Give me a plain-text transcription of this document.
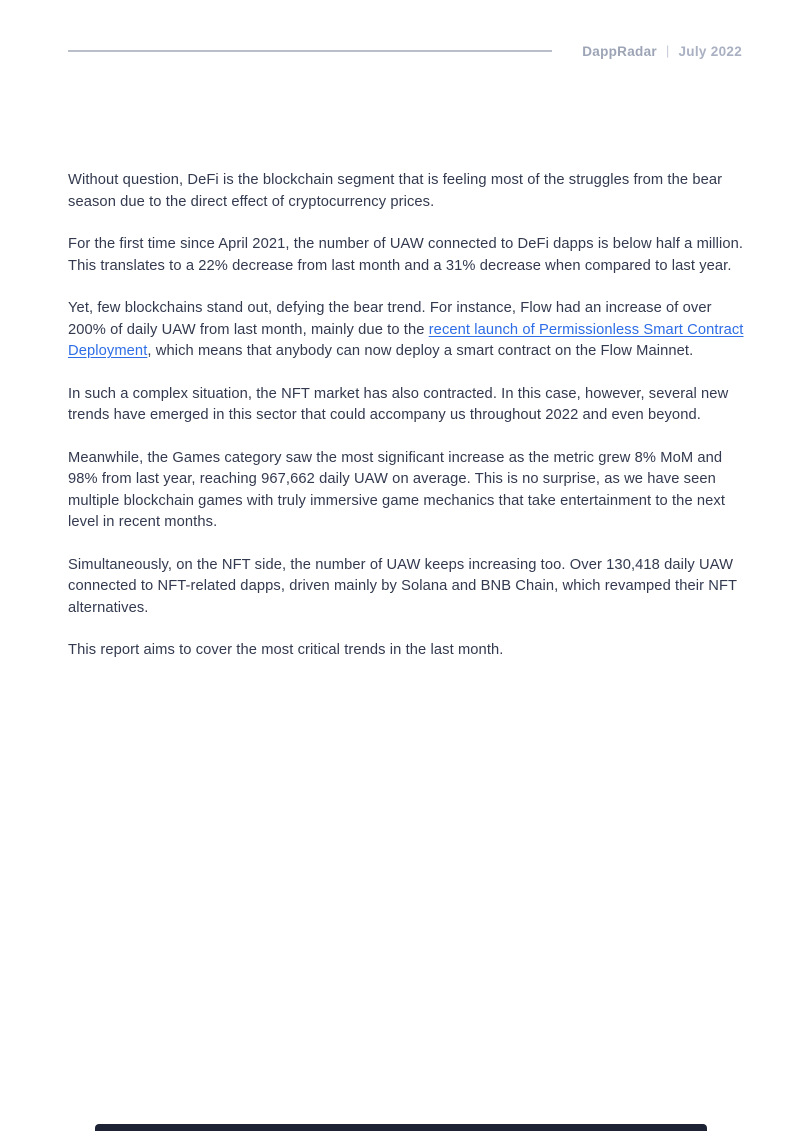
DappRadar | July 2022

Without question, DeFi is the blockchain segment that is feeling most of the struggles from the bear season due to the direct effect of cryptocurrency prices.

For the first time since April 2021, the number of UAW connected to DeFi dapps is below half a million. This translates to a 22% decrease from last month and a 31% decrease when compared to last year.

Yet, few blockchains stand out, defying the bear trend. For instance, Flow had an increase of over 200% of daily UAW from last month, mainly due to the recent launch of Permissionless Smart Contract Deployment, which means that anybody can now deploy a smart contract on the Flow Mainnet.

In such a complex situation, the NFT market has also contracted. In this case, however, several new trends have emerged in this sector that could accompany us throughout 2022 and even beyond.

Meanwhile, the Games category saw the most significant increase as the metric grew 8% MoM and 98% from last year, reaching 967,662 daily UAW on average. This is no surprise, as we have seen multiple blockchain games with truly immersive game mechanics that take entertainment to the next level in recent months.

Simultaneously, on the NFT side, the number of UAW keeps increasing too. Over 130,418 daily UAW connected to NFT-related dapps, driven mainly by Solana and BNB Chain, which revamped their NFT alternatives.

This report aims to cover the most critical trends in the last month.
